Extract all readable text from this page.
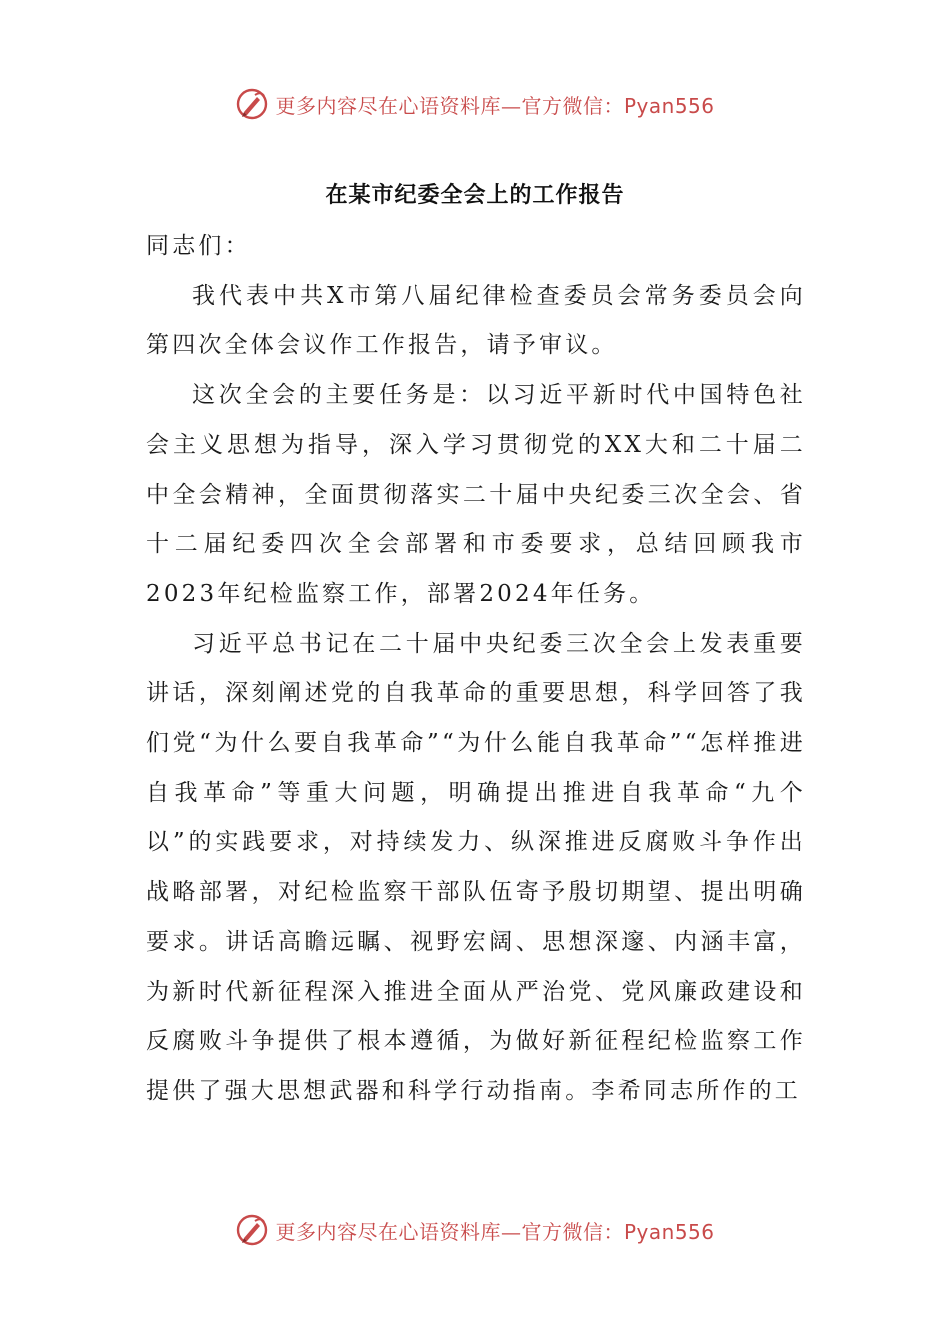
更多内容尽在心语资料库—官方微信：Pyan556
在某市纪委全会上的工作报告

同志们：

我代表中共X市第八届纪律检查委员会常务委员会向第四次全体会议作工作报告，请予审议。

这次全会的主要任务是：以习近平新时代中国特色社会主义思想为指导，深入学习贯彻党的XX大和二十届二中全会精神，全面贯彻落实二十届中央纪委三次全会、省十二届纪委四次全会部署和市委要求，总结回顾我市2023年纪检监察工作，部署2024年任务。

习近平总书记在二十届中央纪委三次全会上发表重要讲话，深刻阐述党的自我革命的重要思想，科学回答了我们党“为什么要自我革命”“为什么能自我革命”“怎样推进自我革命”等重大问题，明确提出推进自我革命“九个以”的实践要求，对持续发力、纵深推进反腐败斗争作出战略部署，对纪检监察干部队伍寄予殷切期望、提出明确要求。讲话高瞻远瞩、视野宏阔、思想深邃、内涵丰富，为新时代新征程深入推进全面从严治党、党风廉政建设和反腐败斗争提供了根本遵循，为做好新征程纪检监察工作提供了强大思想武器和科学行动指南。李希同志所作的工

更多内容尽在心语资料库—官方微信：Pyan556
